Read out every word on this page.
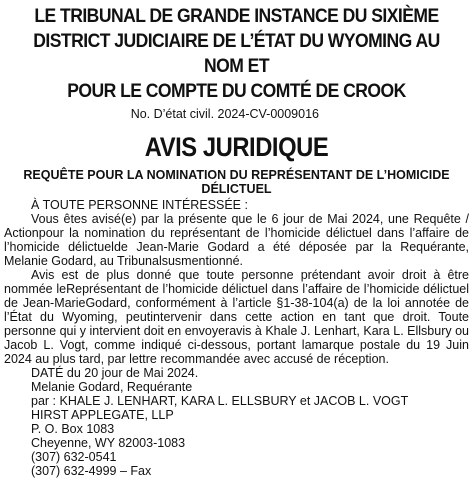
LE TRIBUNAL DE GRANDE INSTANCE DU SIXIÈME
DISTRICT JUDICIAIRE DE L’ÉTAT DU WYOMING AU NOM ET
POUR LE COMPTE DU COMTÉ DE CROOK
No. D’état civil. 2024-CV-0009016
AVIS JURIDIQUE
REQUÊTE POUR LA NOMINATION DU REPRÉSENTANT DE L’HOMICIDE
DÉLICTUEL

À TOUTE PERSONNE INTÉRESSÉE :

Vous êtes avisé(e) par la présente que le 6 jour de Mai 2024, une Requête / Actionpour la nomination du représentant de l’homicide délictuel dans l’affaire de l’homicide délictuelde Jean-Marie Godard a été déposée par la Requérante, Melanie Godard, au Tribunalsusmentionné.

Avis est de plus donné que toute personne prétendant avoir droit à être nommée leReprésentant de l’homicide délictuel dans l’affaire de l’homicide délictuel de Jean-MarieGodard, conformément à l’article §1-38-104(a) de la loi annotée de l’État du Wyoming, peutintervenir dans cette action en tant que droit. Toute personne qui y intervient doit en envoyeravis à Khale J. Lenhart, Kara L. Ellsbury ou Jacob L. Vogt, comme indiqué ci-dessous, portant lamarque postale du 19 Juin 2024 au plus tard, par lettre recommandée avec accusé de réception.

DATÉ du 20 jour de Mai 2024.
Melanie Godard, Requérante
par : KHALE J. LENHART, KARA L. ELLSBURY et JACOB L. VOGT
HIRST APPLEGATE, LLP
P. O. Box 1083
Cheyenne, WY 82003-1083
(307) 632-0541
(307) 632-4999 – Fax
